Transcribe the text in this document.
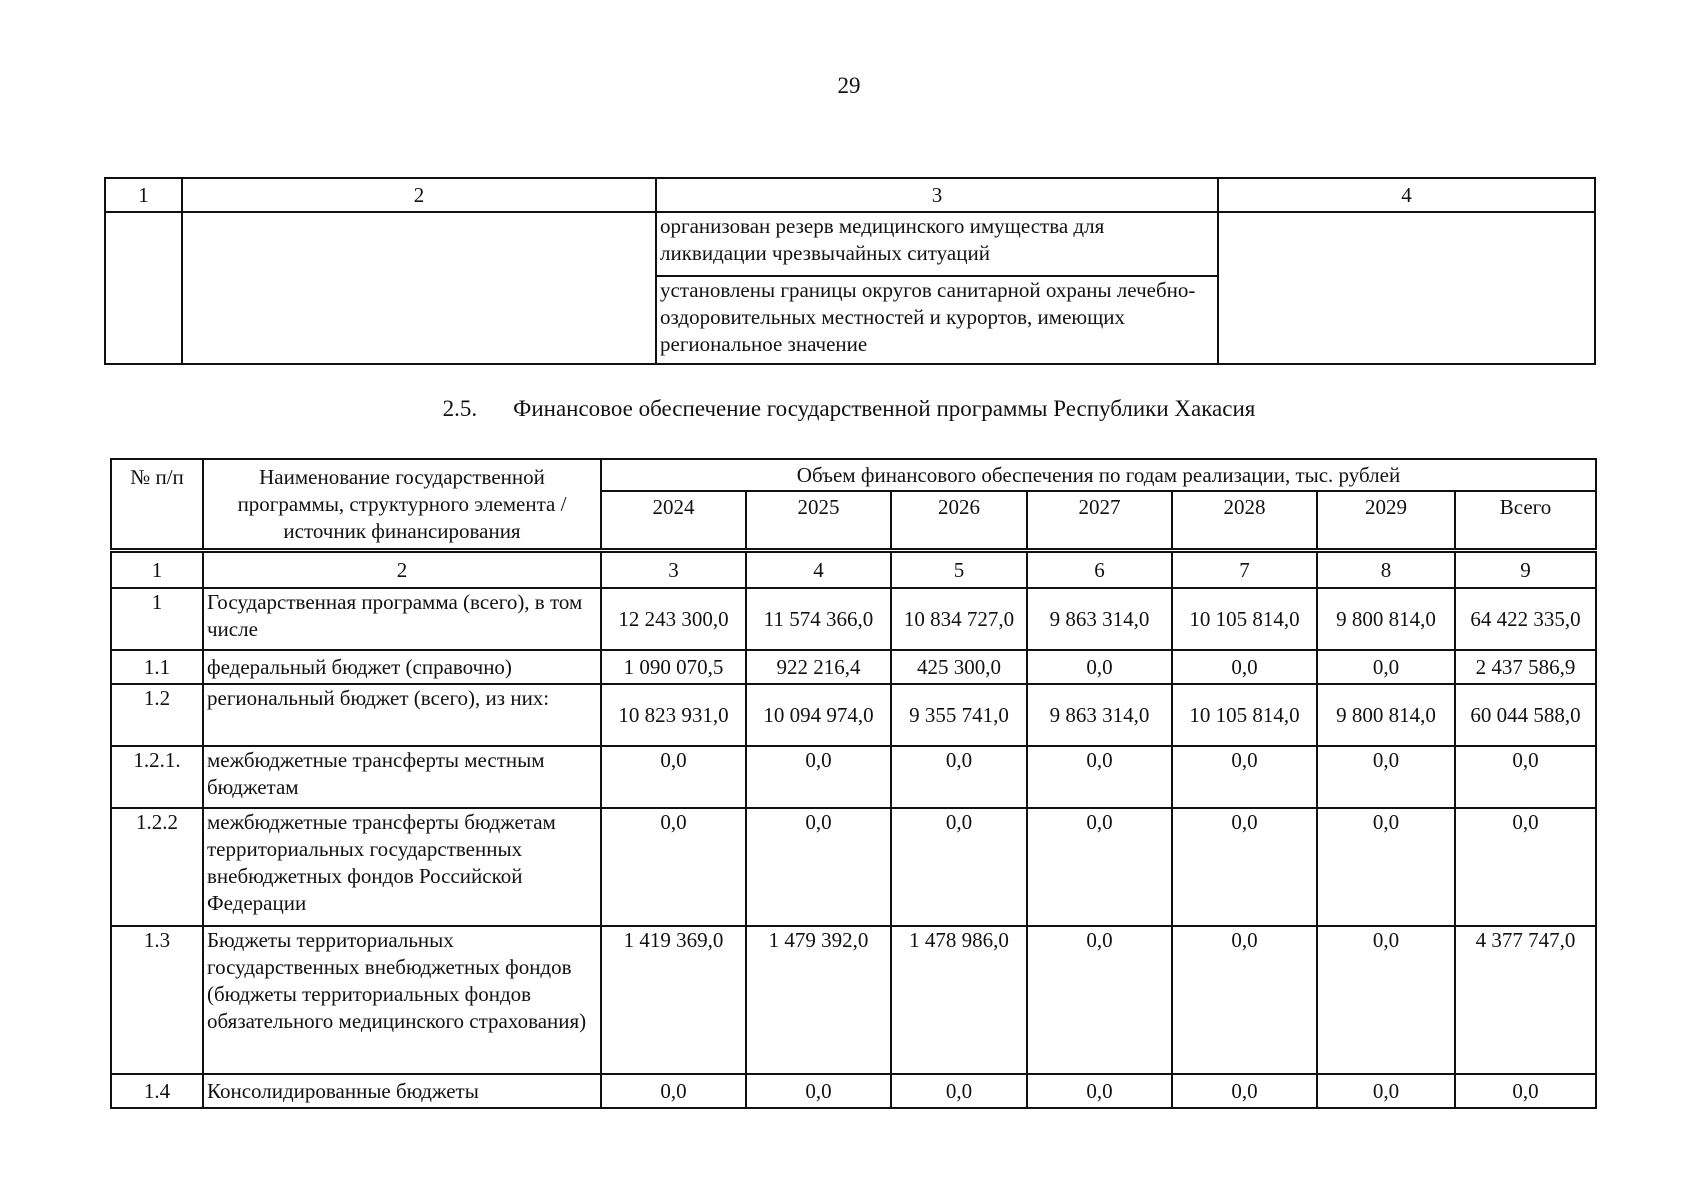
29
1	2	3	4
		организован резерв медицинского имущества для ликвидации чрезвычайных ситуаций	
		установлены границы округов санитарной охраны лечебно-оздоровительных местностей и курортов, имеющих региональное значение	
2.5. Финансовое обеспечение государственной программы Республики Хакасия
№ п/п	Наименование государственной программы, структурного элемента / источник финансирования	Объем финансового обеспечения по годам реализации, тыс. рублей						
		2024	2025	2026	2027	2028	2029	Всего
1	2	3	4	5	6	7	8	9
1	Государственная программа (всего), в том числе	12 243 300,0	11 574 366,0	10 834 727,0	9 863 314,0	10 105 814,0	9 800 814,0	64 422 335,0
1.1	федеральный бюджет (справочно)	1 090 070,5	922 216,4	425 300,0	0,0	0,0	0,0	2 437 586,9
1.2	региональный бюджет (всего), из них:	10 823 931,0	10 094 974,0	9 355 741,0	9 863 314,0	10 105 814,0	9 800 814,0	60 044 588,0
1.2.1.	межбюджетные трансферты местным бюджетам	0,0	0,0	0,0	0,0	0,0	0,0	0,0
1.2.2	межбюджетные трансферты бюджетам территориальных государственных внебюджетных фондов Российской Федерации	0,0	0,0	0,0	0,0	0,0	0,0	0,0
1.3	Бюджеты территориальных государственных внебюджетных фондов (бюджеты территориальных фондов обязательного медицинского страхования)	1 419 369,0	1 479 392,0	1 478 986,0	0,0	0,0	0,0	4 377 747,0
1.4	Консолидированные бюджеты	0,0	0,0	0,0	0,0	0,0	0,0	0,0
